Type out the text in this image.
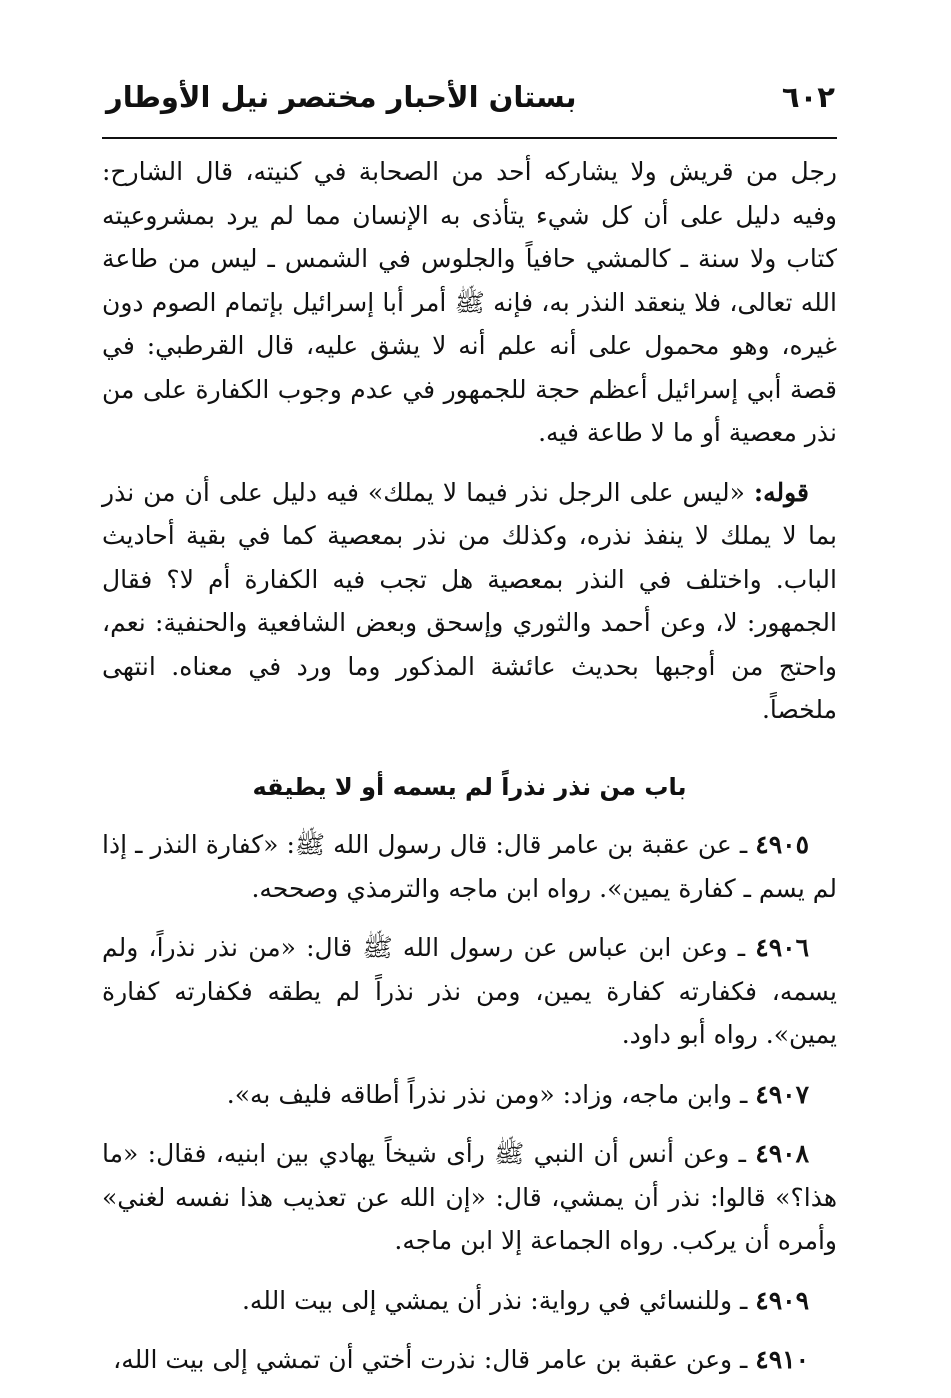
٦٠٢
بستان الأحبار مختصر نيل الأوطار

رجل من قريش ولا يشاركه أحد من الصحابة في كنيته، قال الشارح: وفيه دليل على أن كل شيء يتأذى به الإنسان مما لم يرد بمشروعيته كتاب ولا سنة ـ كالمشي حافياً والجلوس في الشمس ـ ليس من طاعة الله تعالى، فلا ينعقد النذر به، فإنه ﷺ أمر أبا إسرائيل بإتمام الصوم دون غيره، وهو محمول على أنه علم أنه لا يشق عليه، قال القرطبي: في قصة أبي إسرائيل أعظم حجة للجمهور في عدم وجوب الكفارة على من نذر معصية أو ما لا طاعة فيه.

قوله: «ليس على الرجل نذر فيما لا يملك» فيه دليل على أن من نذر بما لا يملك لا ينفذ نذره، وكذلك من نذر بمعصية كما في بقية أحاديث الباب. واختلف في النذر بمعصية هل تجب فيه الكفارة أم لا؟ فقال الجمهور: لا، وعن أحمد والثوري وإسحق وبعض الشافعية والحنفية: نعم، واحتج من أوجبها بحديث عائشة المذكور وما ورد في معناه. انتهى ملخصاً.

باب من نذر نذراً لم يسمه أو لا يطيقه

٤٩٠٥ ـ عن عقبة بن عامر قال: قال رسول الله ﷺ: «كفارة النذر ـ إذا لم يسم ـ كفارة يمين». رواه ابن ماجه والترمذي وصححه.

٤٩٠٦ ـ وعن ابن عباس عن رسول الله ﷺ قال: «من نذر نذراً، ولم يسمه، فكفارته كفارة يمين، ومن نذر نذراً لم يطقه فكفارته كفارة يمين». رواه أبو داود.

٤٩٠٧ ـ وابن ماجه، وزاد: «ومن نذر نذراً أطاقه فليف به».

٤٩٠٨ ـ وعن أنس أن النبي ﷺ رأى شيخاً يهادي بين ابنيه، فقال: «ما هذا؟» قالوا: نذر أن يمشي، قال: «إن الله عن تعذيب هذا نفسه لغني» وأمره أن يركب. رواه الجماعة إلا ابن ماجه.

٤٩٠٩ ـ وللنسائي في رواية: نذر أن يمشي إلى بيت الله.

٤٩١٠ ـ وعن عقبة بن عامر قال: نذرت أختي أن تمشي إلى بيت الله،
